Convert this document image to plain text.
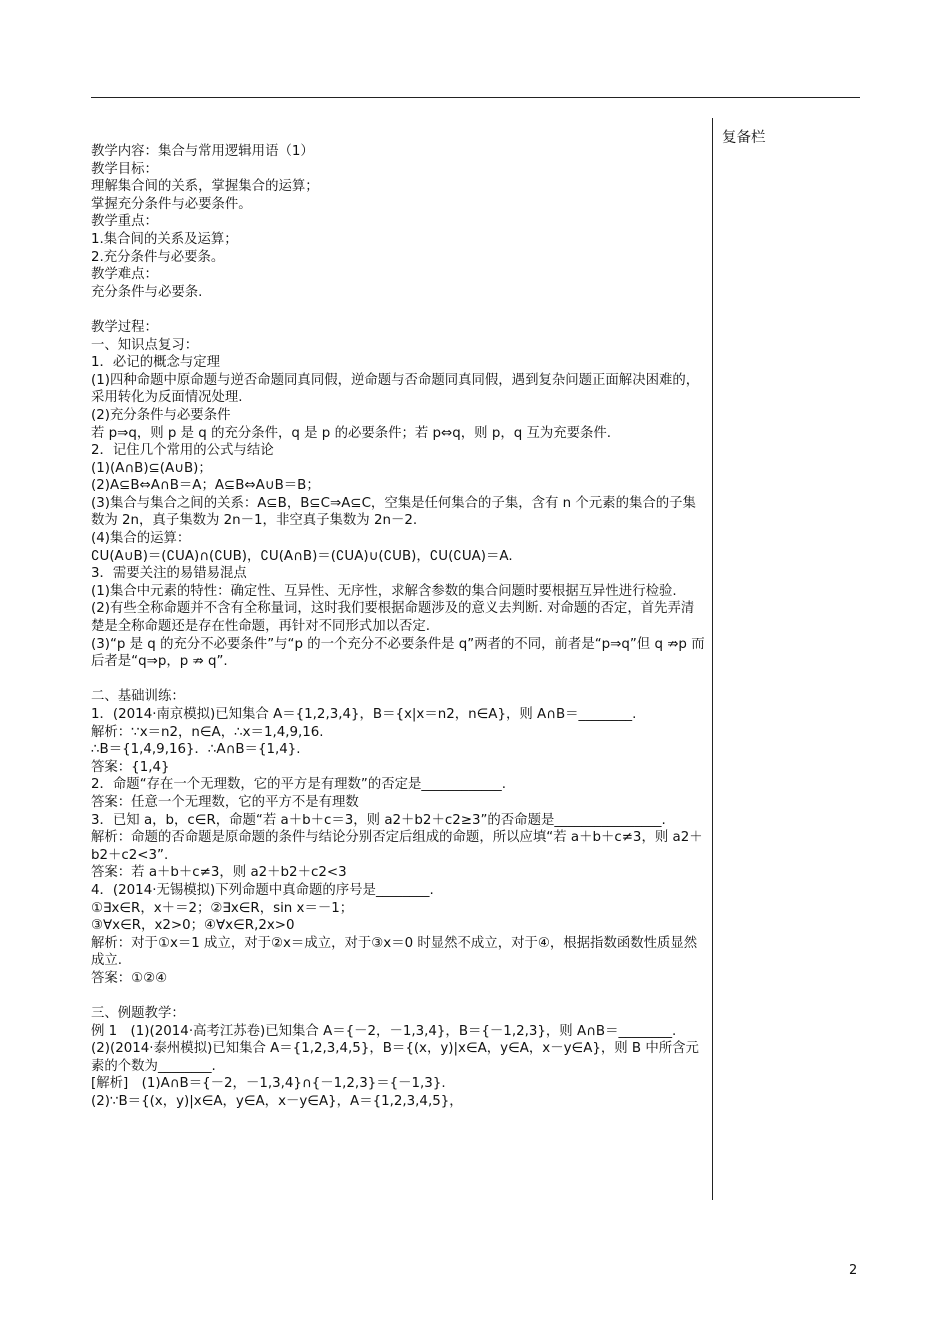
复备栏

教学内容：集合与常用逻辑用语（1）

教学目标：

理解集合间的关系，掌握集合的运算；

掌握充分条件与必要条件。

教学重点：

1.集合间的关系及运算；

2.充分条件与必要条。

教学难点：

充分条件与必要条.

教学过程：

一、知识点复习：

1．必记的概念与定理

(1)四种命题中原命题与逆否命题同真同假，逆命题与否命题同真同假，遇到复杂问题正面解决困难的，采用转化为反面情况处理.

(2)充分条件与必要条件

若 p⇒q，则 p 是 q 的充分条件，q 是 p 的必要条件；若 p⇔q，则 p，q 互为充要条件.

2．记住几个常用的公式与结论

(1)(A∩B)⊆(A∪B)；

(2)A⊆B⇔A∩B＝A；A⊆B⇔A∪B＝B；

(3)集合与集合之间的关系：A⊆B，B⊆C⇒A⊆C，空集是任何集合的子集，含有 n 个元素的集合的子集数为 2n，真子集数为 2n－1，非空真子集数为 2n－2.

(4)集合的运算：

∁U(A∪B)＝(∁UA)∩(∁UB)，∁U(A∩B)＝(∁UA)∪(∁UB)，∁U(∁UA)＝A.

3．需要关注的易错易混点

(1)集合中元素的特性：确定性、互异性、无序性，求解含参数的集合问题时要根据互异性进行检验.

(2)有些全称命题并不含有全称量词，这时我们要根据命题涉及的意义去判断. 对命题的否定，首先弄清楚是全称命题还是存在性命题，再针对不同形式加以否定.

(3)“p 是 q 的充分不必要条件”与“p 的一个充分不必要条件是 q”两者的不同，前者是“p⇒q”但 q ⇏p 而后者是“q⇒p，p ⇏ q”.

二、基础训练：

1．(2014·南京模拟)已知集合 A＝{1,2,3,4}，B＝{x|x＝n2，n∈A}，则 A∩B＝________.

解析：∵x＝n2，n∈A，∴x＝1,4,9,16.

∴B＝{1,4,9,16}．∴A∩B＝{1,4}.

答案：{1,4}

2．命题“存在一个无理数，它的平方是有理数”的否定是____________.

答案：任意一个无理数，它的平方不是有理数

3．已知 a，b，c∈R，命题“若 a＋b＋c＝3，则 a2＋b2＋c2≥3”的否命题是________________.

解析：命题的否命题是原命题的条件与结论分别否定后组成的命题，所以应填“若 a＋b＋c≠3，则 a2＋b2＋c2<3”.

答案：若 a＋b＋c≠3，则 a2＋b2＋c2<3

4．(2014·无锡模拟)下列命题中真命题的序号是________.

①∃x∈R，x＋＝2；②∃x∈R，sin x＝－1；

③∀x∈R，x2>0；④∀x∈R,2x>0

解析：对于①x＝1 成立，对于②x＝成立，对于③x＝0 时显然不成立，对于④，根据指数函数性质显然成立.

答案：①②④

三、例题教学：

例 1　(1)(2014·高考江苏卷)已知集合 A＝{－2，－1,3,4}，B＝{－1,2,3}，则 A∩B＝________.

(2)(2014·泰州模拟)已知集合 A＝{1,2,3,4,5}，B＝{(x，y)|x∈A，y∈A，x－y∈A}，则 B 中所含元素的个数为________.

[解析]　(1)A∩B＝{－2，－1,3,4}∩{－1,2,3}＝{－1,3}.

(2)∵B＝{(x，y)|x∈A，y∈A，x－y∈A}，A＝{1,2,3,4,5}，

2
